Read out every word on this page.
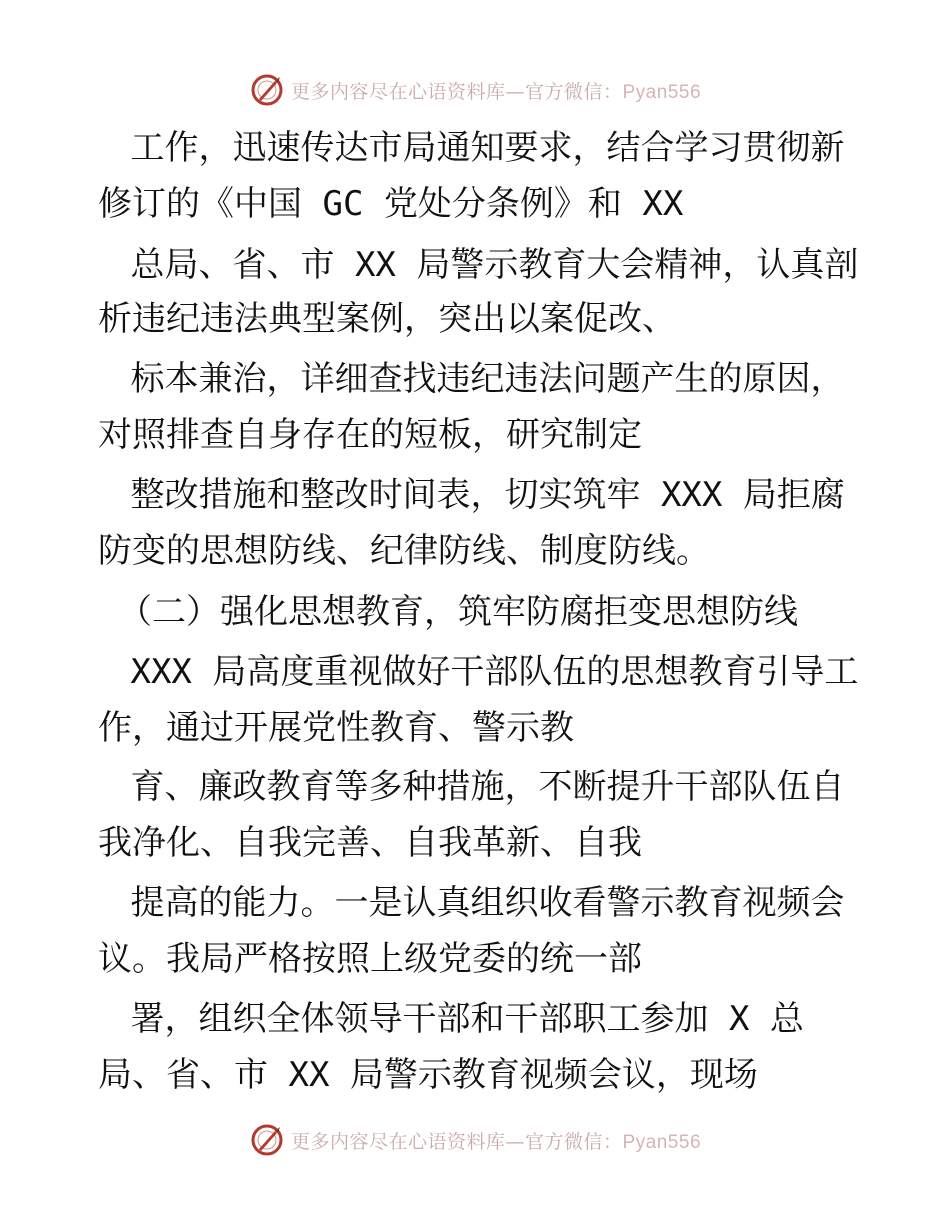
更多内容尽在心语资料库—官方微信：Pyan556
工作，迅速传达市局通知要求，结合学习贯彻新
修订的《中国 GC 党处分条例》和 XX
总局、省、市 XX 局警示教育大会精神，认真剖
析违纪违法典型案例，突出以案促改、
标本兼治，详细查找违纪违法问题产生的原因，
对照排查自身存在的短板，研究制定
整改措施和整改时间表，切实筑牢 XXX 局拒腐
防变的思想防线、纪律防线、制度防线。
（二）强化思想教育，筑牢防腐拒变思想防线
XXX 局高度重视做好干部队伍的思想教育引导工
作，通过开展党性教育、警示教
育、廉政教育等多种措施，不断提升干部队伍自
我净化、自我完善、自我革新、自我
提高的能力。一是认真组织收看警示教育视频会
议。我局严格按照上级党委的统一部
署，组织全体领导干部和干部职工参加 X 总
局、省、市 XX 局警示教育视频会议，现场
更多内容尽在心语资料库—官方微信：Pyan556
